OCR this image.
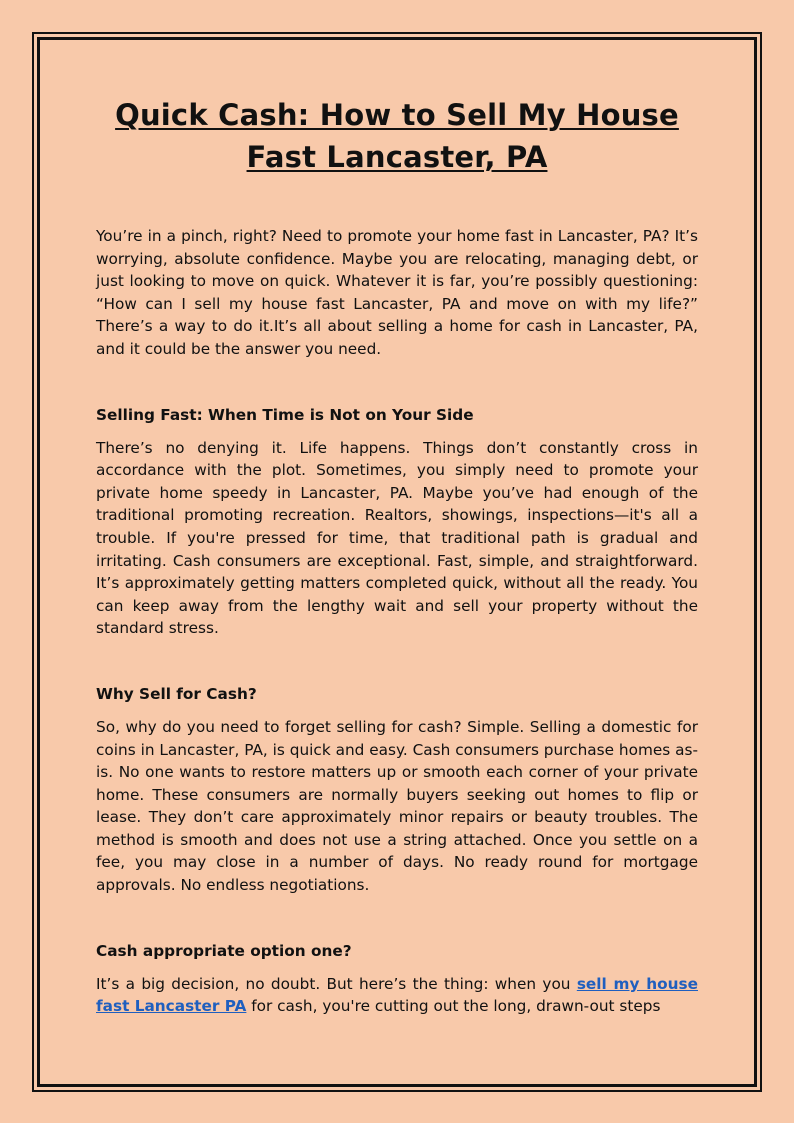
Quick Cash: How to Sell My House Fast Lancaster, PA

You’re in a pinch, right? Need to promote your home fast in Lancaster, PA? It’s worrying, absolute confidence. Maybe you are relocating, managing debt, or just looking to move on quick. Whatever it is far, you’re possibly questioning: “How can I sell my house fast Lancaster, PA and move on with my life?” There’s a way to do it.It’s all about selling a home for cash in Lancaster, PA, and it could be the answer you need.

Selling Fast: When Time is Not on Your Side

There’s no denying it. Life happens. Things don’t constantly cross in accordance with the plot. Sometimes, you simply need to promote your private home speedy in Lancaster, PA. Maybe you’ve had enough of the traditional promoting recreation. Realtors, showings, inspections—it's all a trouble. If you're pressed for time, that traditional path is gradual and irritating. Cash consumers are exceptional. Fast, simple, and straightforward. It’s approximately getting matters completed quick, without all the ready. You can keep away from the lengthy wait and sell your property without the standard stress.

Why Sell for Cash?

So, why do you need to forget selling for cash? Simple. Selling a domestic for coins in Lancaster, PA, is quick and easy. Cash consumers purchase homes as-is. No one wants to restore matters up or smooth each corner of your private home. These consumers are normally buyers seeking out homes to flip or lease. They don’t care approximately minor repairs or beauty troubles. The method is smooth and does not use a string attached. Once you settle on a fee, you may close in a number of days. No ready round for mortgage approvals. No endless negotiations.

Cash appropriate option one?

It’s a big decision, no doubt. But here’s the thing: when you sell my house fast Lancaster PA for cash, you're cutting out the long, drawn-out steps
